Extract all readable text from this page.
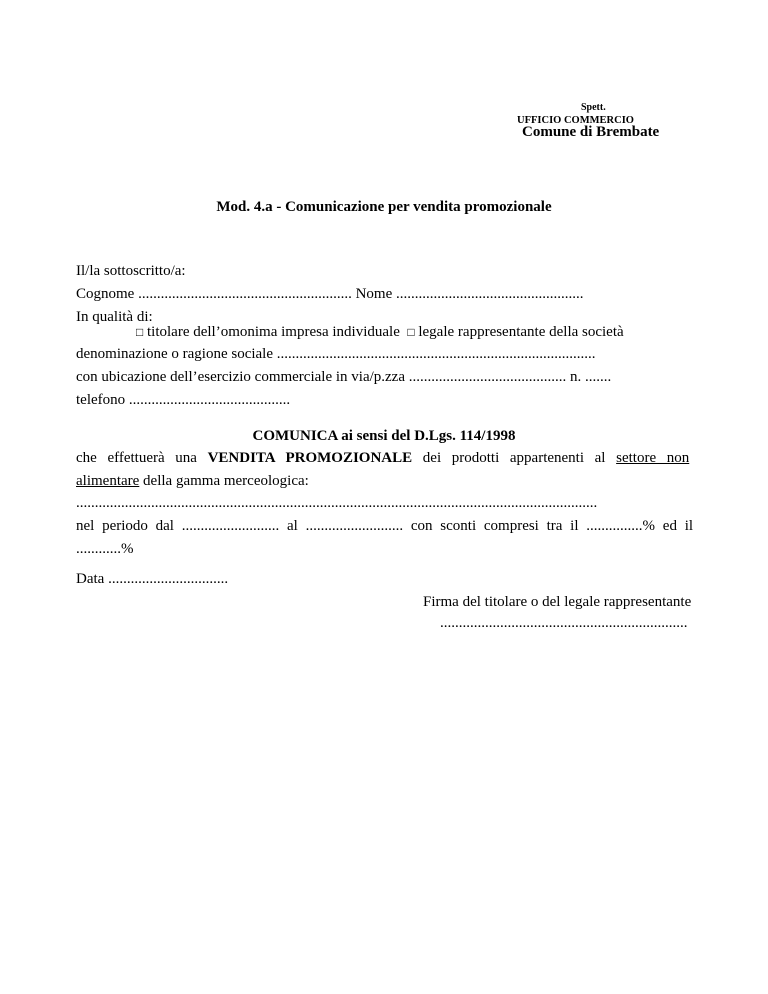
Spett.
UFFICIO COMMERCIO
Comune di Brembate
Mod. 4.a - Comunicazione per vendita promozionale
Il/la sottoscritto/a:
Cognome ......................................................... Nome ..................................................
In qualità di:
□ titolare dell’omonima impresa individuale □ legale rappresentante della società
denominazione o ragione sociale .....................................................................................
con ubicazione dell’esercizio commerciale in via/p.zza .......................................... n. .......
telefono ...........................................
COMUNICA ai sensi del D.Lgs. 114/1998
che effettuerà una VENDITA PROMOZIONALE dei prodotti appartenenti al settore non
alimentare della gamma merceologica:
...........................................................................................................................................
nel periodo dal .......................... al .......................... con sconti compresi tra il ...............% ed il
............%
Data ................................
Firma del titolare o del legale rappresentante
..................................................................
